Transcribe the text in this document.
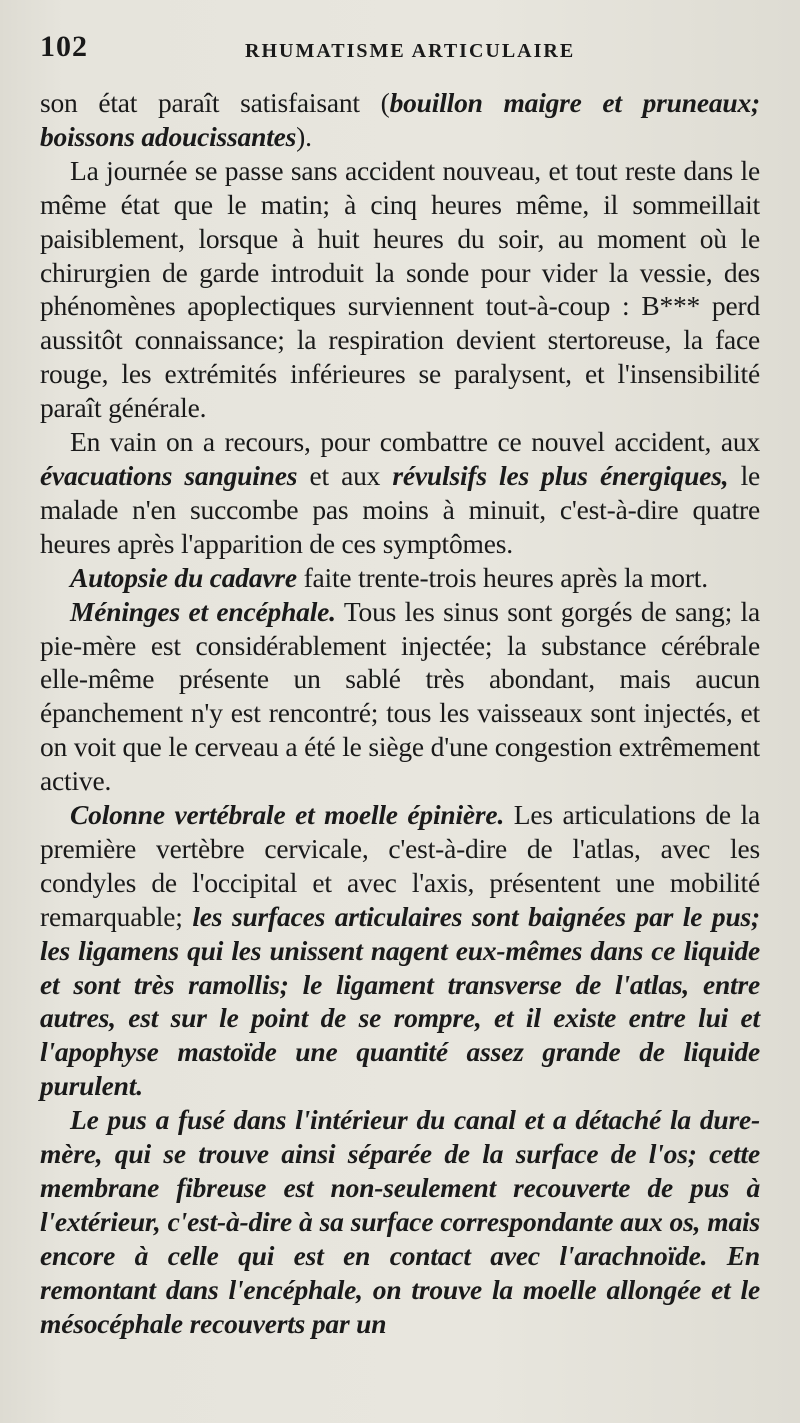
102	RHUMATISME ARTICULAIRE

son état paraît satisfaisant (bouillon maigre et pruneaux; boissons adoucissantes).

La journée se passe sans accident nouveau, et tout reste dans le même état que le matin; à cinq heures même, il sommeillait paisiblement, lorsque à huit heures du soir, au moment où le chirurgien de garde introduit la sonde pour vider la vessie, des phénomènes apoplectiques surviennent tout-à-coup : B*** perd aussitôt connaissance; la respiration devient stertoreuse, la face rouge, les extrémités inférieures se paralysent, et l'insensibilité paraît générale.

En vain on a recours, pour combattre ce nouvel accident, aux évacuations sanguines et aux révulsifs les plus énergiques, le malade n'en succombe pas moins à minuit, c'est-à-dire quatre heures après l'apparition de ces symptômes.

Autopsie du cadavre faite trente-trois heures après la mort.

Méninges et encéphale. Tous les sinus sont gorgés de sang; la pie-mère est considérablement injectée; la substance cérébrale elle-même présente un sablé très abondant, mais aucun épanchement n'y est rencontré; tous les vaisseaux sont injectés, et on voit que le cerveau a été le siège d'une congestion extrêmement active.

Colonne vertébrale et moelle épinière. Les articulations de la première vertèbre cervicale, c'est-à-dire de l'atlas, avec les condyles de l'occipital et avec l'axis, présentent une mobilité remarquable; les surfaces articulaires sont baignées par le pus; les ligamens qui les unissent nagent eux-mêmes dans ce liquide et sont très ramollis; le ligament transverse de l'atlas, entre autres, est sur le point de se rompre, et il existe entre lui et l'apophyse mastoïde une quantité assez grande de liquide purulent.

Le pus a fusé dans l'intérieur du canal et a détaché la dure-mère, qui se trouve ainsi séparée de la surface de l'os; cette membrane fibreuse est non-seulement recouverte de pus à l'extérieur, c'est-à-dire à sa surface correspondante aux os, mais encore à celle qui est en contact avec l'arachnoïde. En remontant dans l'encéphale, on trouve la moelle allongée et le mésocéphale recouverts par un
